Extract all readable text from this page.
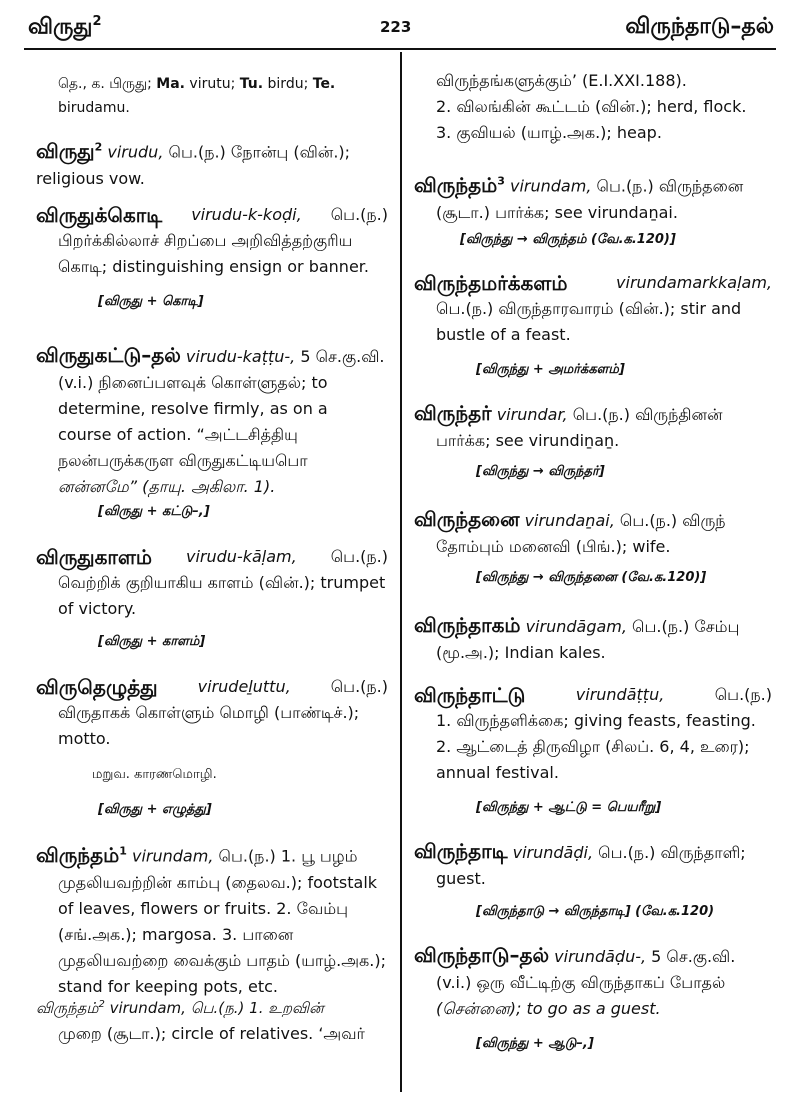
விருது$^2$	223	விருந்தாடு–தல்
தெ., க. பிருது; Ma. virutu; Tu. birdu; Te.
birudamu.
விருது$^2$ virudu, பெ.(ந.) நோன்பு (வின்.);
religious vow.
விருதுக்கொடி virudu-k-koḍi, பெ.(ந.)
பிறர்க்கில்லாச் சிறப்பை அறிவித்தற்குரிய
கொடி; distinguishing ensign or banner.
[விருது + கொடி]
விருதுகட்டு–தல் virudu-kaṭṭu-, 5 செ.கு.வி.
(v.i.) நினைப்பளவுக் கொள்ளுதல்; to
determine, resolve firmly, as on a
course of action. “அட்டசித்தியு
நலன்பருக்கருள விருதுகட்டியபொ
னன்னமே” (தாயு. அகிலா. 1).
[விருது + கட்டு–,]
விருதுகாளம் virudu-kāḷam, பெ.(ந.)
வெற்றிக் குறியாகிய காளம் (வின்.); trumpet
of victory.
[விருது + காளம்]
விருதெழுத்து	virudeḻuttu,	பெ.(ந.)
விருதாகக் கொள்ளும் மொழி (பாண்டிச்.);
motto.
மறுவ. காரணமொழி.
[விருது + எழுத்து]
விருந்தம்$^1$ virundam, பெ.(ந.) 1. பூ பழம்
முதலியவற்றின் காம்பு (தைலவ.); footstalk
of leaves, flowers or fruits. 2. வேம்பு
(சங்.அக.); margosa. 3. பானை
முதலியவற்றை வைக்கும் பாதம் (யாழ்.அக.);
stand for keeping pots, etc.
விருந்தம்$^2$ virundam, பெ.(ந.) 1. உறவின்
முறை (சூடா.); circle of relatives. ‘அவர்
விருந்தங்களுக்கும்’ (E.I.XXI.188).
2. விலங்கின் கூட்டம் (வின்.); herd, flock.
3. குவியல் (யாழ்.அக.); heap.
விருந்தம்$^3$ virundam, பெ.(ந.) விருந்தனை
(சூடா.) பார்க்க; see virundaṉai.
[விருந்து → விருந்தம் (வே.க.120)]
விருந்தமர்க்களம்	virundamarkkaḷam,
பெ.(ந.) விருந்தாரவாரம் (வின்.); stir and
bustle of a feast.
[விருந்து + அமர்க்களம்]
விருந்தர் virundar, பெ.(ந.) விருந்தினன்
பார்க்க; see virundiṉaṉ.
[விருந்து → விருந்தர்]
விருந்தனை virundaṉai, பெ.(ந.) விருந்
தோம்பும் மனைவி (பிங்.); wife.
[விருந்து → விருந்தனை (வே.க.120)]
விருந்தாகம் virundāgam, பெ.(ந.) சேம்பு
(மூ.அ.); Indian kales.
விருந்தாட்டு	virundāṭṭu,	பெ.(ந.)
1. விருந்தளிக்கை; giving feasts, feasting.
2. ஆட்டைத் திருவிழா (சிலப். 6, 4, உரை);
annual festival.
[விருந்து + ஆட்டு = பெயரீறு]
விருந்தாடி virundāḍi, பெ.(ந.) விருந்தாளி;
guest.
[விருந்தாடு → விருந்தாடி] (வே.க.120)
விருந்தாடு–தல் virundāḍu-, 5 செ.கு.வி.
(v.i.) ஒரு வீட்டிற்கு விருந்தாகப் போதல்
(சென்னை); to go as a guest.
[விருந்து + ஆடு–,]
